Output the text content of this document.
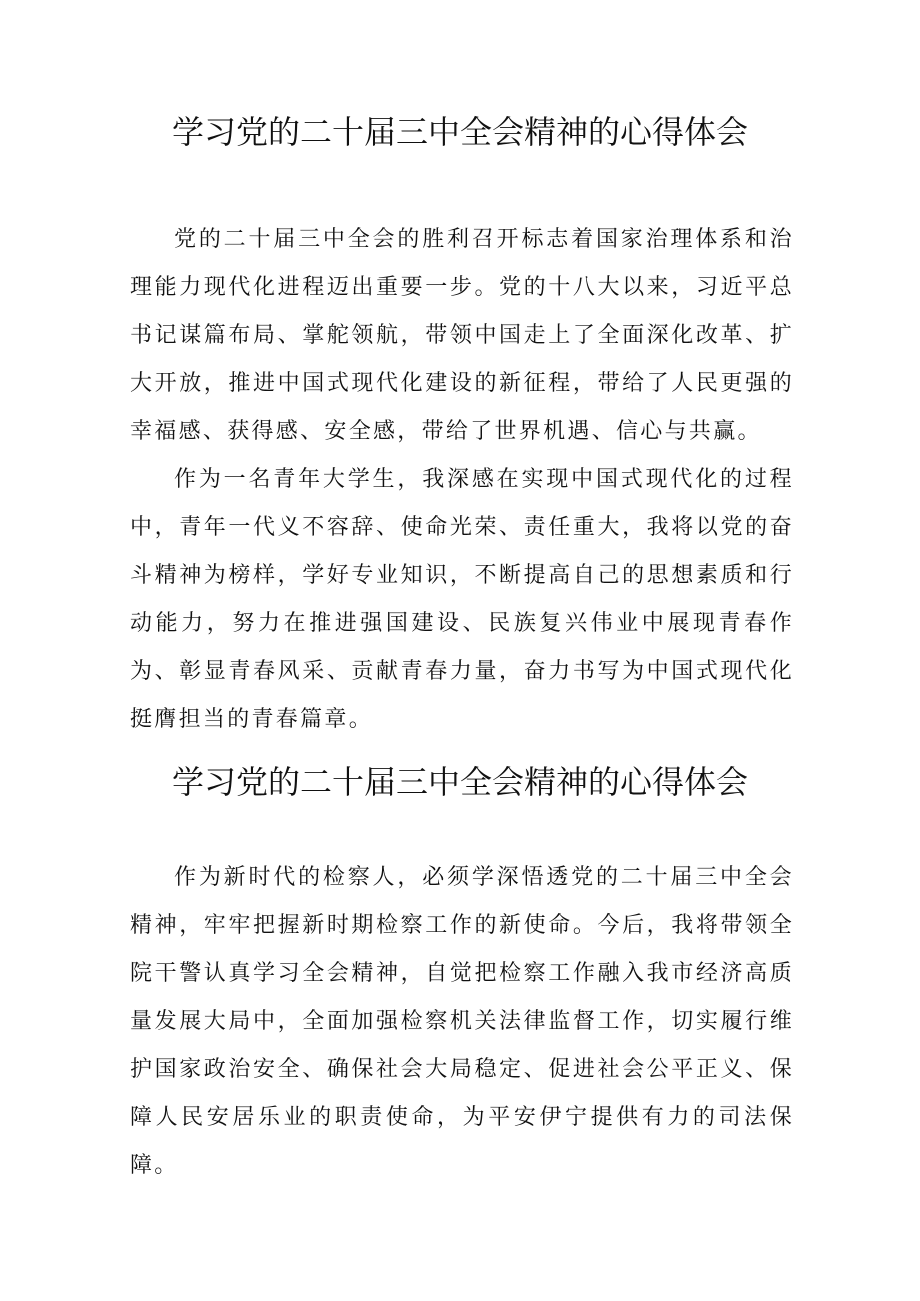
学习党的二十届三中全会精神的心得体会

党的二十届三中全会的胜利召开标志着国家治理体系和治理能力现代化进程迈出重要一步。党的十八大以来，习近平总书记谋篇布局、掌舵领航，带领中国走上了全面深化改革、扩大开放，推进中国式现代化建设的新征程，带给了人民更强的幸福感、获得感、安全感，带给了世界机遇、信心与共赢。

作为一名青年大学生，我深感在实现中国式现代化的过程中，青年一代义不容辞、使命光荣、责任重大，我将以党的奋斗精神为榜样，学好专业知识，不断提高自己的思想素质和行动能力，努力在推进强国建设、民族复兴伟业中展现青春作为、彰显青春风采、贡献青春力量，奋力书写为中国式现代化挺膺担当的青春篇章。

学习党的二十届三中全会精神的心得体会

作为新时代的检察人，必须学深悟透党的二十届三中全会精神，牢牢把握新时期检察工作的新使命。今后，我将带领全院干警认真学习全会精神，自觉把检察工作融入我市经济高质量发展大局中，全面加强检察机关法律监督工作，切实履行维护国家政治安全、确保社会大局稳定、促进社会公平正义、保障人民安居乐业的职责使命，为平安伊宁提供有力的司法保障。
